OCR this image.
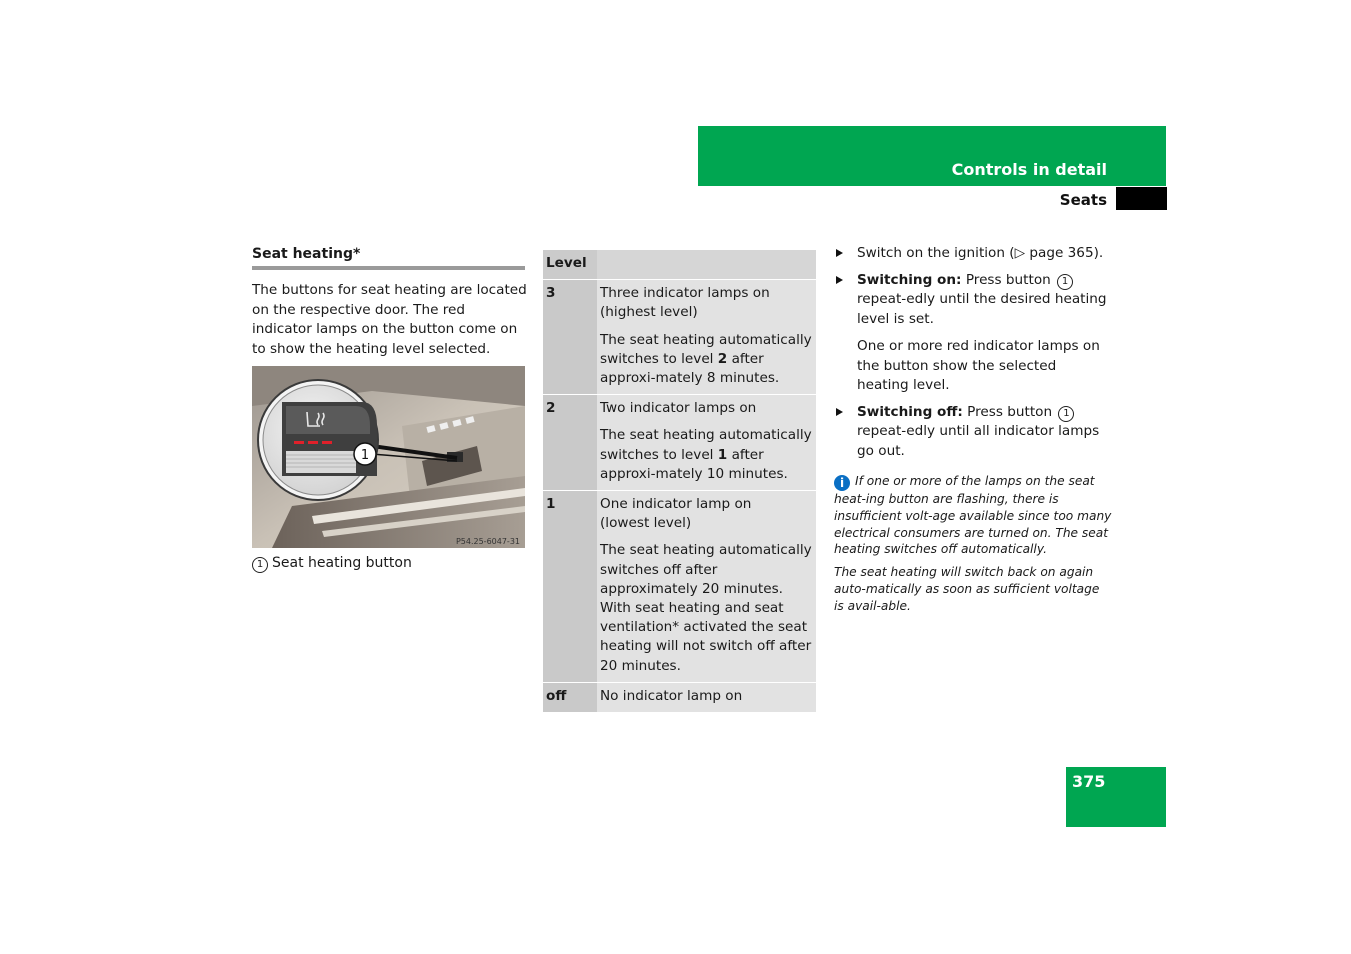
Controls in detail
Seats
Seat heating*
The buttons for seat heating are located on the respective door. The red indicator lamps on the button come on to show the heating level selected.
1
P54.25-6047-31
1 Seat heating button
Level	
3	Three indicator lamps on
(highest level)
The seat heating automatically switches to level 2 after approxi-mately 8 minutes.

2	Two indicator lamps on
The seat heating automatically switches to level 1 after approxi-mately 10 minutes.

1	One indicator lamp on
(lowest level)
The seat heating automatically switches off after approximately 20 minutes. With seat heating and seat ventilation* activated the seat heating will not switch off after 20 minutes.

off	No indicator lamp on
Switch on the ignition (▷ page 365).
Switching on: Press button 1 repeat-edly until the desired heating level is set.
One or more red indicator lamps on the button show the selected heating level.
Switching off: Press button 1 repeat-edly until all indicator lamps go out.
i If one or more of the lamps on the seat heat-ing button are flashing, there is insufficient volt-age available since too many electrical consumers are turned on. The seat heating switches off automatically.
The seat heating will switch back on again auto-matically as soon as sufficient voltage is avail-able.
375
